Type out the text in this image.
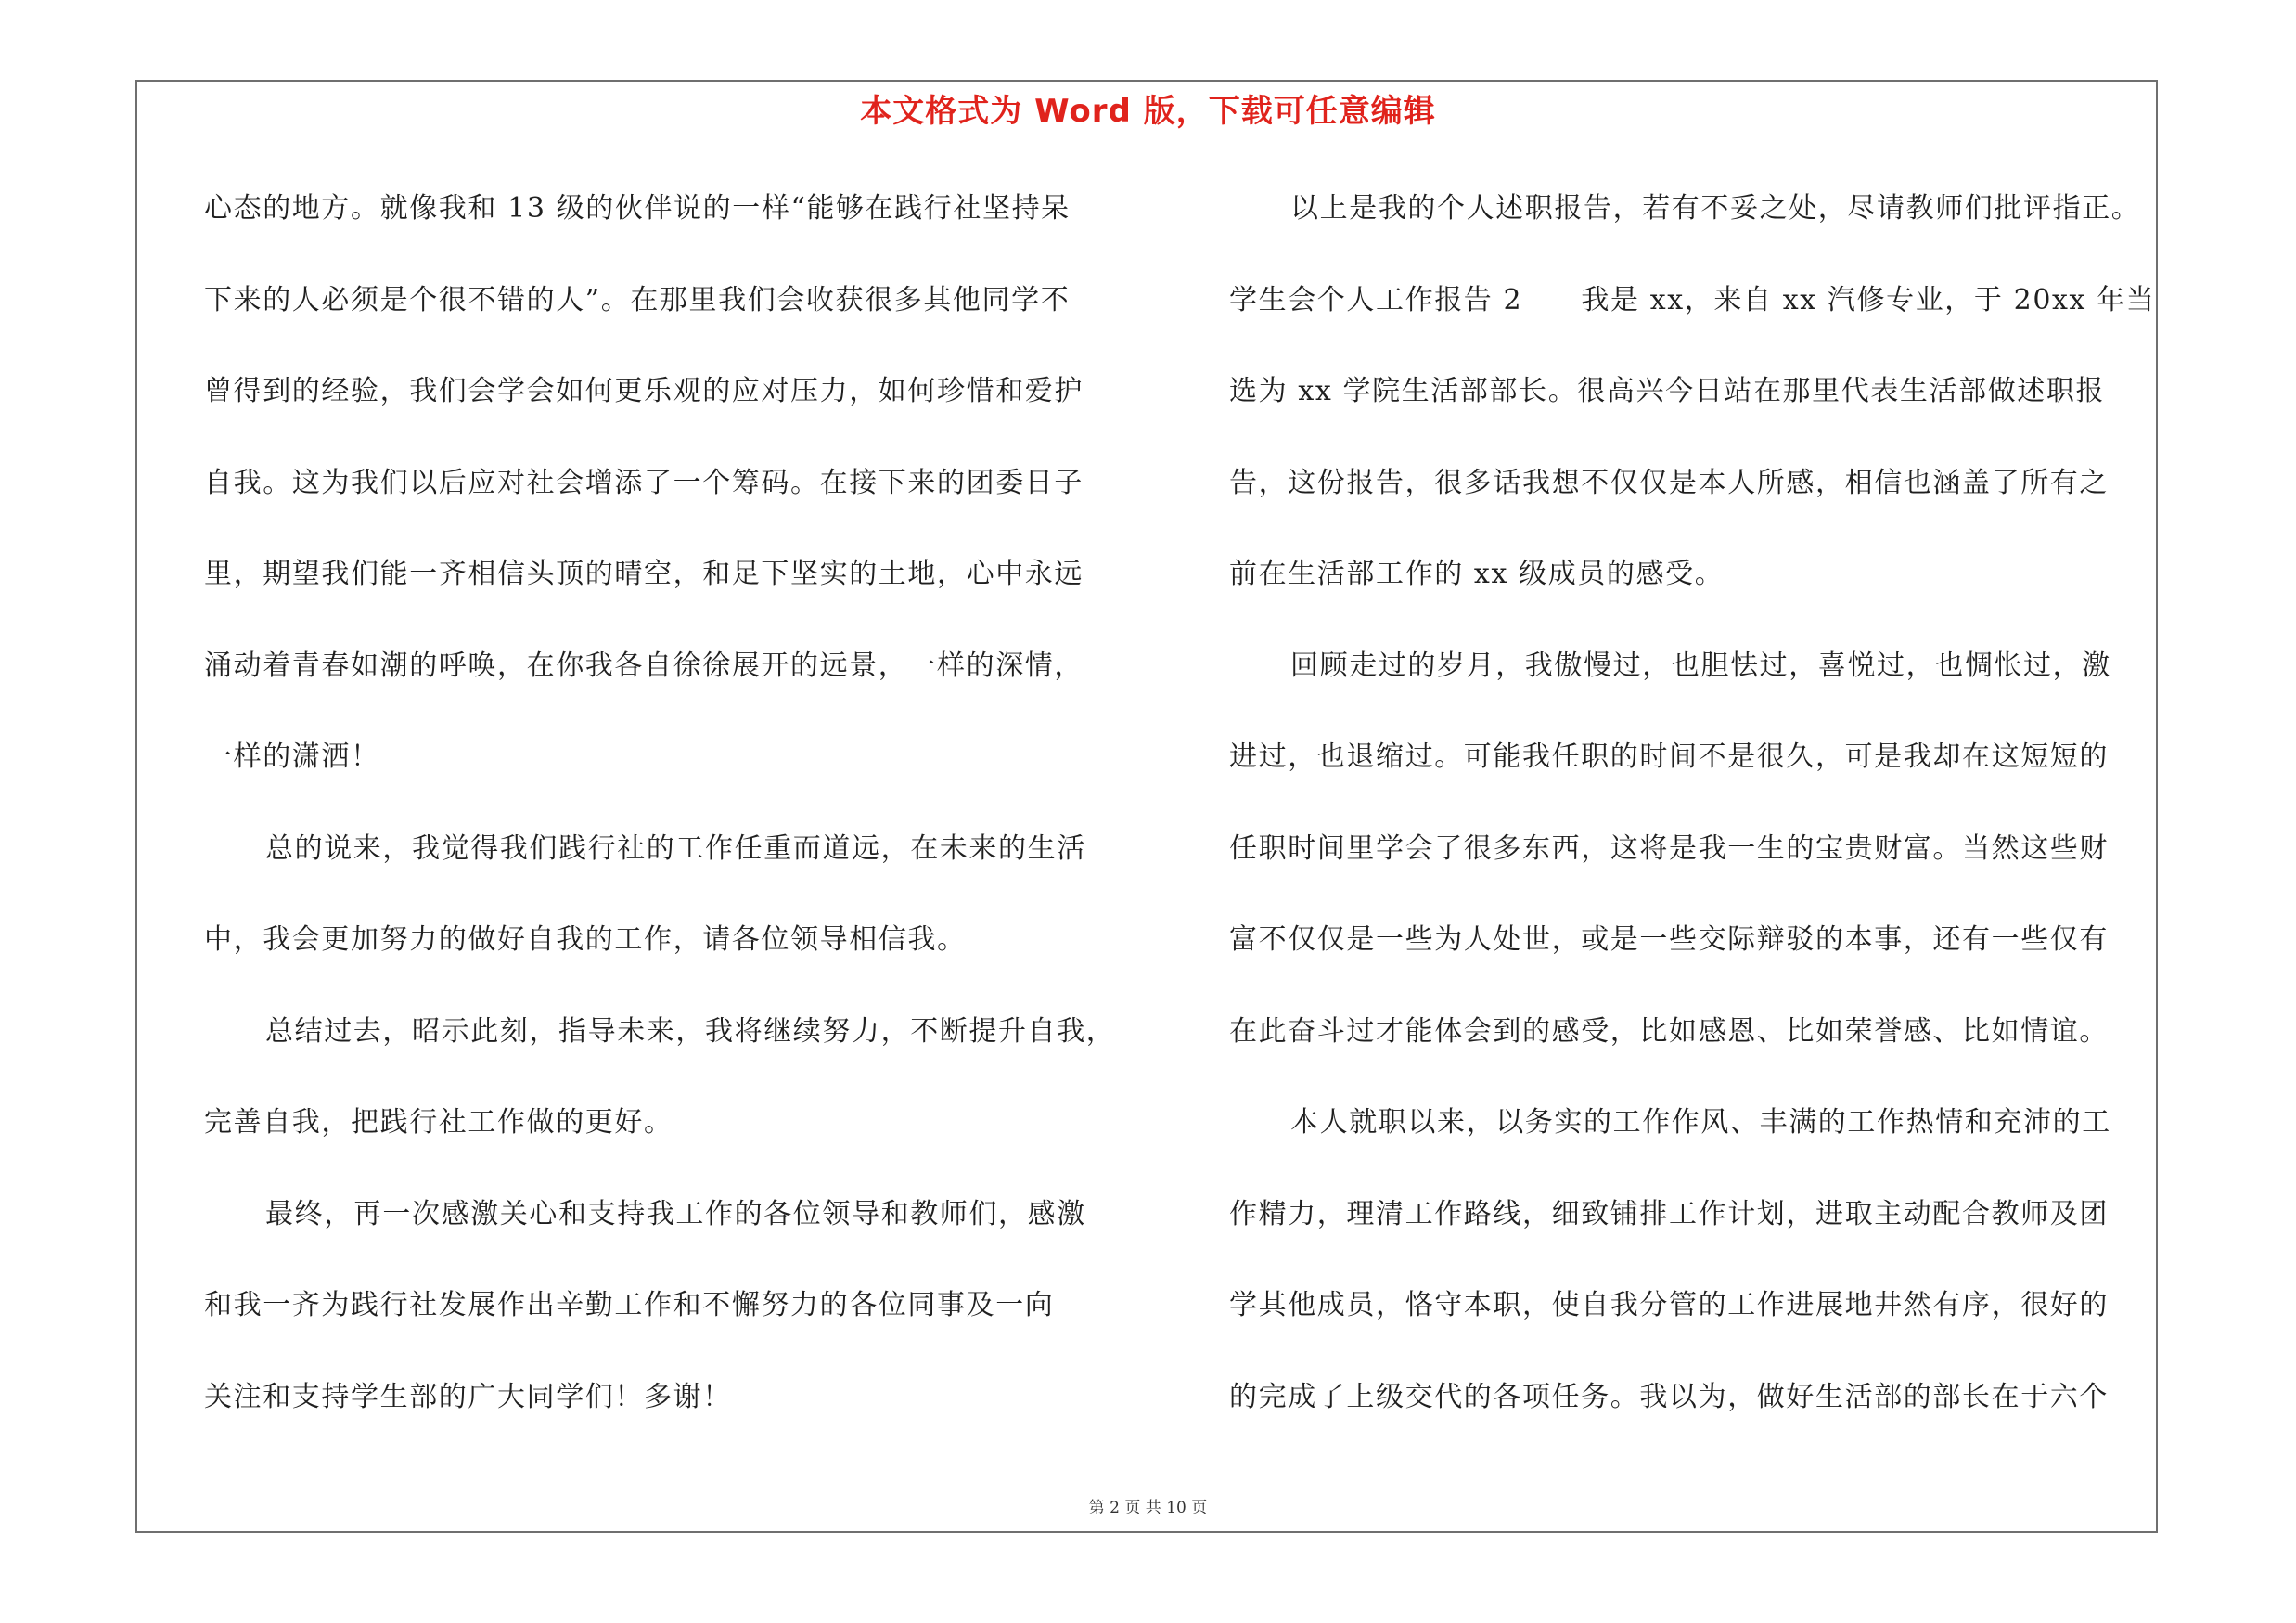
本文格式为 Word 版，下载可任意编辑
心态的地方。就像我和 13 级的伙伴说的一样“能够在践行社坚持呆
下来的人必须是个很不错的人”。在那里我们会收获很多其他同学不
曾得到的经验，我们会学会如何更乐观的应对压力，如何珍惜和爱护
自我。这为我们以后应对社会增添了一个筹码。在接下来的团委日子
里，期望我们能一齐相信头顶的晴空，和足下坚实的土地，心中永远
涌动着青春如潮的呼唤，在你我各自徐徐展开的远景，一样的深情，
一样的潇洒！
总的说来，我觉得我们践行社的工作任重而道远，在未来的生活
中，我会更加努力的做好自我的工作，请各位领导相信我。
总结过去，昭示此刻，指导未来，我将继续努力，不断提升自我，
完善自我，把践行社工作做的更好。
最终，再一次感激关心和支持我工作的各位领导和教师们，感激
和我一齐为践行社发展作出辛勤工作和不懈努力的各位同事及一向
关注和支持学生部的广大同学们！多谢！
以上是我的个人述职报告，若有不妥之处，尽请教师们批评指正。
学生会个人工作报告 2　　我是 xx，来自 xx 汽修专业，于 20xx 年当
选为 xx 学院生活部部长。很高兴今日站在那里代表生活部做述职报
告，这份报告，很多话我想不仅仅是本人所感，相信也涵盖了所有之
前在生活部工作的 xx 级成员的感受。
回顾走过的岁月，我傲慢过，也胆怯过，喜悦过，也惆怅过，激
进过，也退缩过。可能我任职的时间不是很久，可是我却在这短短的
任职时间里学会了很多东西，这将是我一生的宝贵财富。当然这些财
富不仅仅是一些为人处世，或是一些交际辩驳的本事，还有一些仅有
在此奋斗过才能体会到的感受，比如感恩、比如荣誉感、比如情谊。
本人就职以来，以务实的工作作风、丰满的工作热情和充沛的工
作精力，理清工作路线，细致铺排工作计划，进取主动配合教师及团
学其他成员，恪守本职，使自我分管的工作进展地井然有序，很好的
的完成了上级交代的各项任务。我以为，做好生活部的部长在于六个
第 2 页 共 10 页
